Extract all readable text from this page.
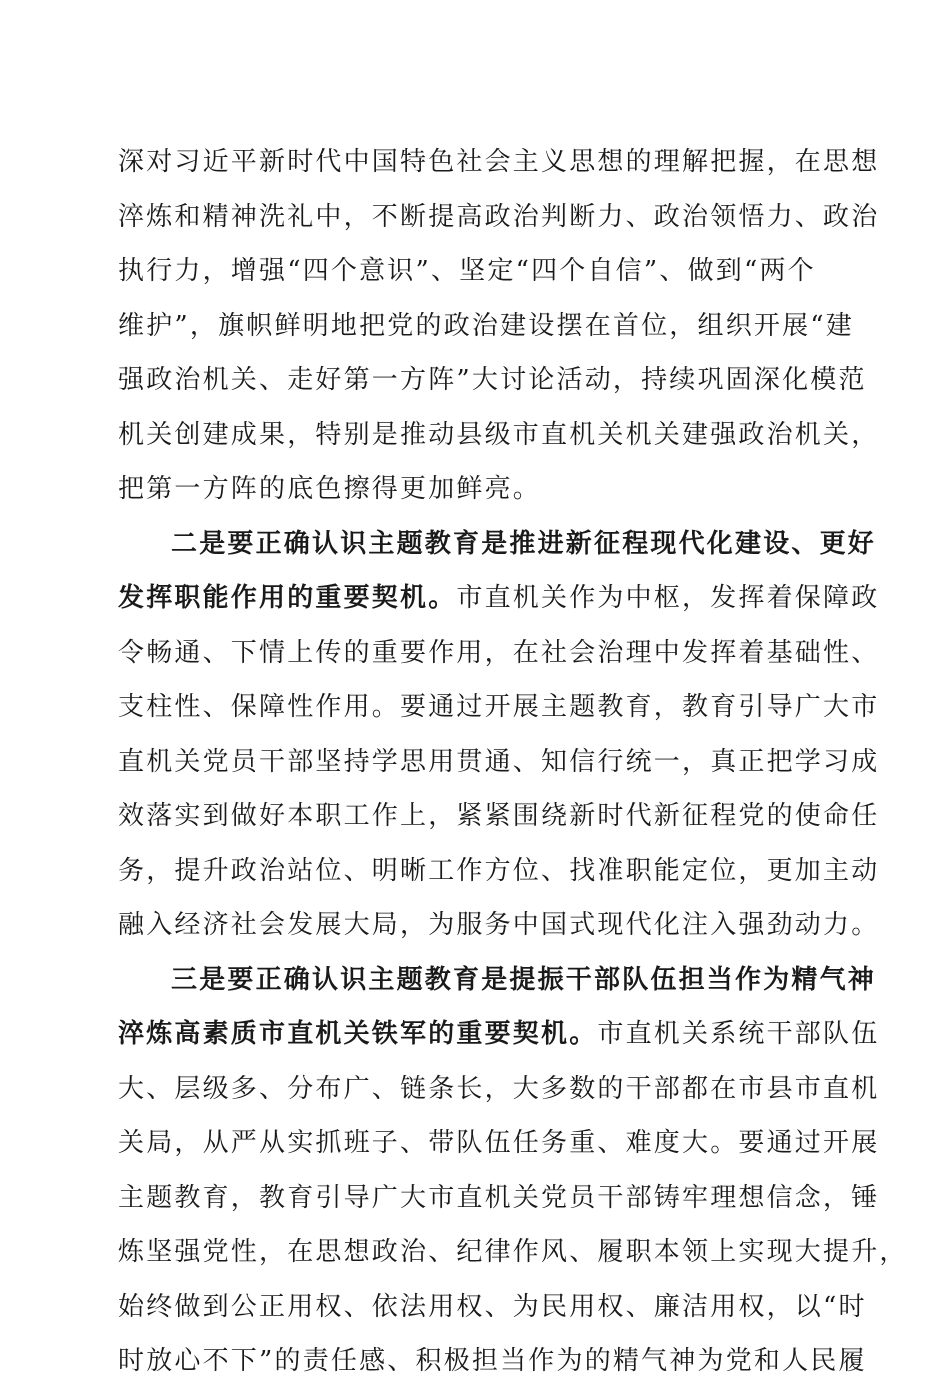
深对习近平新时代中国特色社会主义思想的理解把握，在思想
淬炼和精神洗礼中，不断提高政治判断力、政治领悟力、政治
执行力，增强“四个意识”、坚定“四个自信”、做到“两个
维护”，旗帜鲜明地把党的政治建设摆在首位，组织开展“建
强政治机关、走好第一方阵”大讨论活动，持续巩固深化模范
机关创建成果，特别是推动县级市直机关机关建强政治机关，
把第一方阵的底色擦得更加鲜亮。
二是要正确认识主题教育是推进新征程现代化建设、更好
发挥职能作用的重要契机。市直机关作为中枢，发挥着保障政
令畅通、下情上传的重要作用，在社会治理中发挥着基础性、
支柱性、保障性作用。要通过开展主题教育，教育引导广大市
直机关党员干部坚持学思用贯通、知信行统一，真正把学习成
效落实到做好本职工作上，紧紧围绕新时代新征程党的使命任
务，提升政治站位、明晰工作方位、找准职能定位，更加主动
融入经济社会发展大局，为服务中国式现代化注入强劲动力。
三是要正确认识主题教育是提振干部队伍担当作为精气神
淬炼高素质市直机关铁军的重要契机。市直机关系统干部队伍
大、层级多、分布广、链条长，大多数的干部都在市县市直机
关局，从严从实抓班子、带队伍任务重、难度大。要通过开展
主题教育，教育引导广大市直机关党员干部铸牢理想信念，锤
炼坚强党性，在思想政治、纪律作风、履职本领上实现大提升，
始终做到公正用权、依法用权、为民用权、廉洁用权，以“时
时放心不下”的责任感、积极担当作为的精气神为党和人民履
